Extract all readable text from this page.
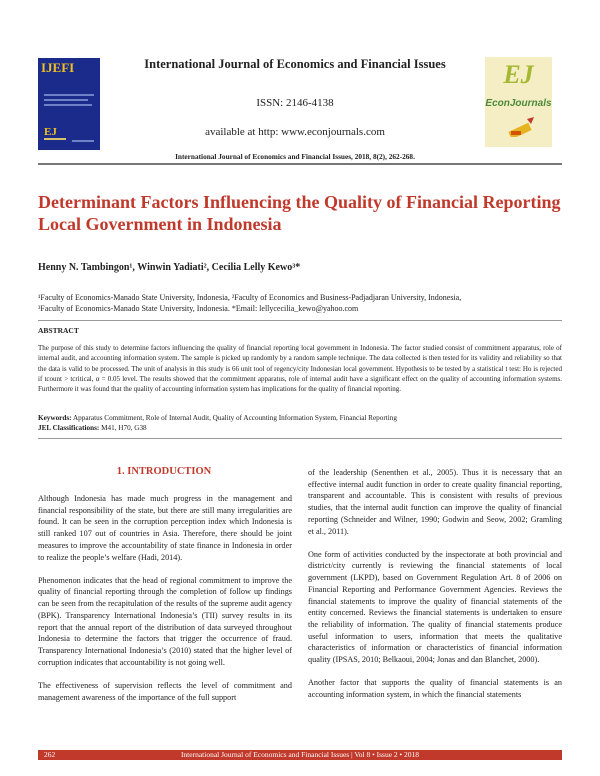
IJEFI
EJ
International Journal of Economics and Financial Issues
ISSN: 2146-4138
available at http: www.econjournals.com
International Journal of Economics and Financial Issues, 2018, 8(2), 262-268.
EJ
EconJournals
Determinant Factors Influencing the Quality of Financial Reporting Local Government in Indonesia
Henny N. Tambingon¹, Winwin Yadiati², Cecilia Lelly Kewo³*
¹Faculty of Economics-Manado State University, Indonesia, ²Faculty of Economics and Business-Padjadjaran University, Indonesia,
³Faculty of Economics-Manado State University, Indonesia. *Email: lellycecilia_kewo@yahoo.com
ABSTRACT
The purpose of this study to determine factors influencing the quality of financial reporting local government in Indonesia. The factor studied consist of commitment apparatus, role of internal audit, and accounting information system. The sample is picked up randomly by a random sample technique. The data collected is then tested for its validity and reliability so that the data is valid to be processed. The unit of analysis in this study is 66 unit tool of regency/city Indonesian local government. Hypothesis to be tested by a statistical t test: Ho is rejected if tcount > tcritical, α = 0.05 level. The results showed that the commitment apparatus, role of internal audit have a significant effect on the quality of accounting information systems. Furthermore it was found that the quality of accounting information system has implications for the quality of financial reporting.
Keywords: Apparatus Commitment, Role of Internal Audit, Quality of Accounting Information System, Financial Reporting
JEL Classifications: M41, H70, G38
1. INTRODUCTION

Although Indonesia has made much progress in the management and financial responsibility of the state, but there are still many irregularities are found. It can be seen in the corruption perception index which Indonesia is still ranked 107 out of countries in Asia. Therefore, there should be joint measures to improve the accountability of state finance in Indonesia in order to realize the people’s welfare (Hadi, 2014).

Phenomenon indicates that the head of regional commitment to improve the quality of financial reporting through the completion of follow up findings can be seen from the recapitulation of the results of the supreme audit agency (BPK). Transparency International Indonesia’s (TII) survey results in its report that the annual report of the distribution of data surveyed throughout Indonesia to determine the factors that trigger the occurrence of fraud. Transparency International Indonesia’s (2010) stated that the higher level of corruption indicates that accountability is not going well.

The effectiveness of supervision reflects the level of commitment and management awareness of the importance of the full support

of the leadership (Senenthen et al., 2005). Thus it is necessary that an effective internal audit function in order to create quality financial reporting, transparent and accountable. This is consistent with results of previous studies, that the internal audit function can improve the quality of financial reporting (Schneider and Wilner, 1990; Godwin and Seow, 2002; Gramling et al., 2011).

One form of activities conducted by the inspectorate at both provincial and district/city currently is reviewing the financial statements of local government (LKPD), based on Government Regulation Art. 8 of 2006 on Financial Reporting and Performance Government Agencies. Reviews the financial statements to improve the quality of financial statements of the entity concerned. Reviews the financial statements is undertaken to ensure the reliability of information. The quality of financial statements produce useful information to users, information that meets the qualitative characteristics of information or characteristics of financial information quality (IPSAS, 2010; Belkaoui, 2004; Jonas and dan Blanchet, 2000).

Another factor that supports the quality of financial statements is an accounting information system, in which the financial statements

262	International Journal of Economics and Financial Issues | Vol 8 • Issue 2 • 2018
